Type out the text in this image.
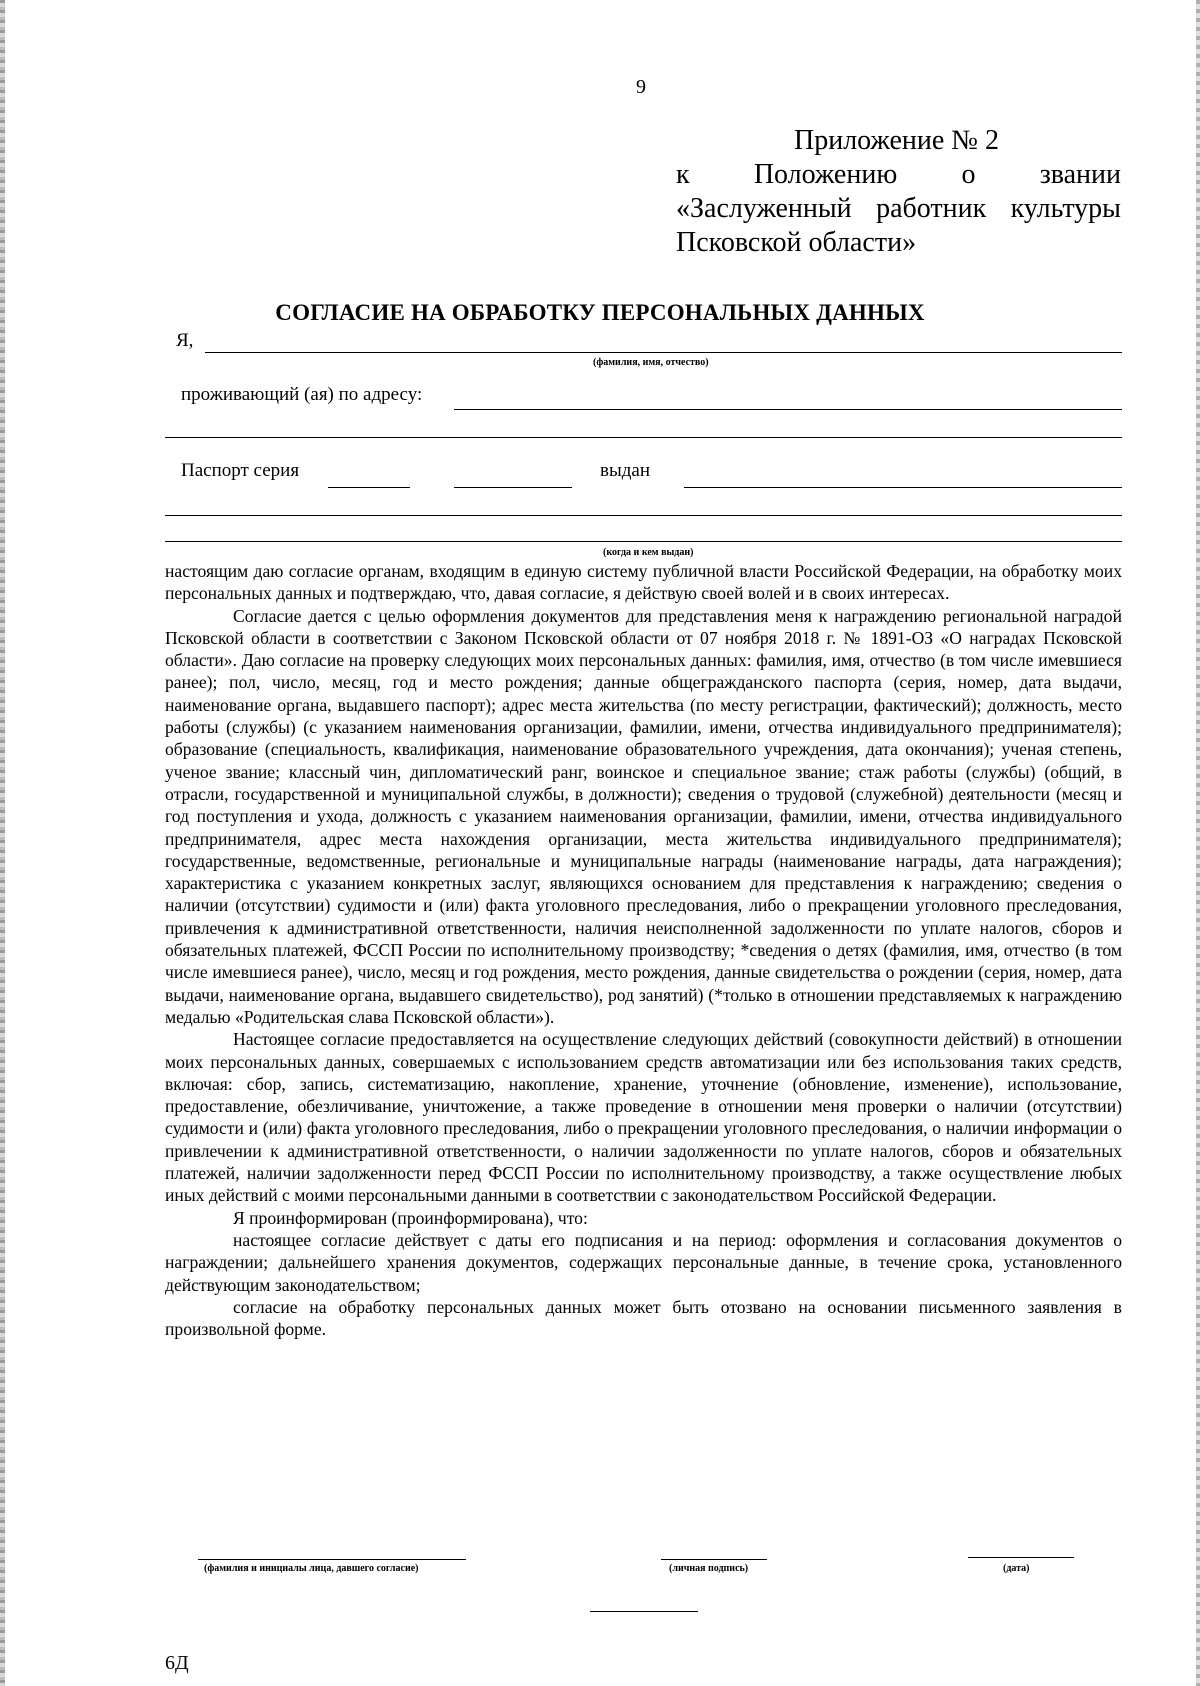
9
Приложение № 2
к Положению о звании
«Заслуженный работник культуры
Псковской области»
СОГЛАСИЕ НА ОБРАБОТКУ ПЕРСОНАЛЬНЫХ ДАННЫХ
Я,
(фамилия, имя, отчество)
проживающий (ая) по адресу:
Паспорт серия	выдан
(когда и кем выдан)

настоящим даю согласие органам, входящим в единую систему публичной власти Российской Федерации, на обработку моих персональных данных и подтверждаю, что, давая согласие, я действую своей волей и в своих интересах.

Согласие дается с целью оформления документов для представления меня к награждению региональной наградой Псковской области в соответствии с Законом Псковской области от 07 ноября 2018 г. № 1891-ОЗ «О наградах Псковской области». Даю согласие на проверку следующих моих персональных данных: фамилия, имя, отчество (в том числе имевшиеся ранее); пол, число, месяц, год и место рождения; данные общегражданского паспорта (серия, номер, дата выдачи, наименование органа, выдавшего паспорт); адрес места жительства (по месту регистрации, фактический); должность, место работы (службы) (с указанием наименования организации, фамилии, имени, отчества индивидуального предпринимателя); образование (специальность, квалификация, наименование образовательного учреждения, дата окончания); ученая степень, ученое звание; классный чин, дипломатический ранг, воинское и специальное звание; стаж работы (службы) (общий, в отрасли, государственной и муниципальной службы, в должности); сведения о трудовой (служебной) деятельности (месяц и год поступления и ухода, должность с указанием наименования организации, фамилии, имени, отчества индивидуального предпринимателя, адрес места нахождения организации, места жительства индивидуального предпринимателя); государственные, ведомственные, региональные и муниципальные награды (наименование награды, дата награждения); характеристика с указанием конкретных заслуг, являющихся основанием для представления к награждению; сведения о наличии (отсутствии) судимости и (или) факта уголовного преследования, либо о прекращении уголовного преследования, привлечения к административной ответственности, наличия неисполненной задолженности по уплате налогов, сборов и обязательных платежей, ФССП России по исполнительному производству; *сведения о детях (фамилия, имя, отчество (в том числе имевшиеся ранее), число, месяц и год рождения, место рождения, данные свидетельства о рождении (серия, номер, дата выдачи, наименование органа, выдавшего свидетельство), род занятий) (*только в отношении представляемых к награждению медалью «Родительская слава Псковской области»).

Настоящее согласие предоставляется на осуществление следующих действий (совокупности действий) в отношении моих персональных данных, совершаемых с использованием средств автоматизации или без использования таких средств, включая: сбор, запись, систематизацию, накопление, хранение, уточнение (обновление, изменение), использование, предоставление, обезличивание, уничтожение, а также проведение в отношении меня проверки о наличии (отсутствии) судимости и (или) факта уголовного преследования, либо о прекращении уголовного преследования, о наличии информации о привлечении к административной ответственности, о наличии задолженности по уплате налогов, сборов и обязательных платежей, наличии задолженности перед ФССП России по исполнительному производству, а также осуществление любых иных действий с моими персональными данными в соответствии с законодательством Российской Федерации.

Я проинформирован (проинформирована), что:

настоящее согласие действует с даты его подписания и на период: оформления и согласования документов о награждении; дальнейшего хранения документов, содержащих персональные данные, в течение срока, установленного действующим законодательством;

согласие на обработку персональных данных может быть отозвано на основании письменного заявления в произвольной форме.

(фамилия и инициалы лица, давшего согласие)	(личная подпись)	(дата)
6Д
